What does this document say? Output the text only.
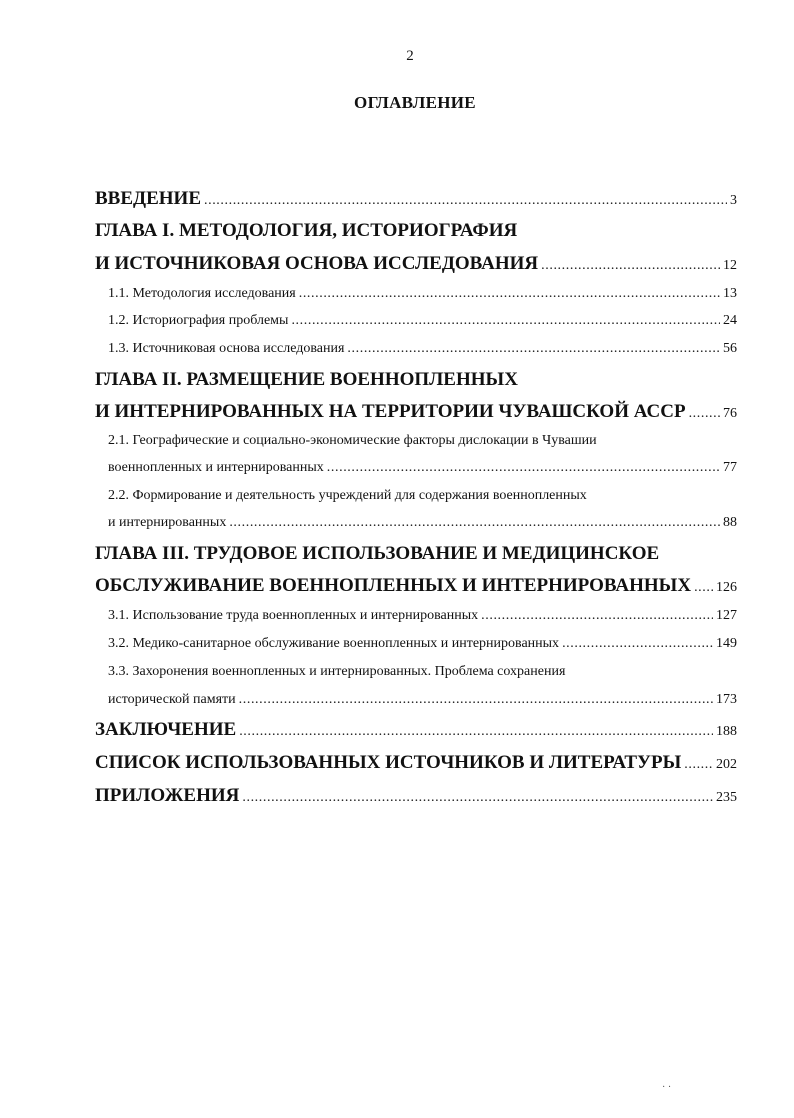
2
ОГЛАВЛЕНИЕ
ВВЕДЕНИЕ .....	3
ГЛАВА I. МЕТОДОЛОГИЯ, ИСТОРИОГРАФИЯ
И ИСТОЧНИКОВАЯ ОСНОВА ИССЛЕДОВАНИЯ .....	12
1.1. Методология исследования .....	13
1.2. Историография проблемы .....	24
1.3. Источниковая основа исследования .....	56
ГЛАВА II. РАЗМЕЩЕНИЕ ВОЕННОПЛЕННЫХ
И ИНТЕРНИРОВАННЫХ НА ТЕРРИТОРИИ ЧУВАШСКОЙ АССР .....	76
2.1. Географические и социально-экономические факторы дислокации в Чувашии
военнопленных и интернированных .....	77
2.2. Формирование и деятельность учреждений для содержания военнопленных
и интернированных .....	88
ГЛАВА III. ТРУДОВОЕ ИСПОЛЬЗОВАНИЕ И МЕДИЦИНСКОЕ
ОБСЛУЖИВАНИЕ ВОЕННОПЛЕННЫХ И ИНТЕРНИРОВАННЫХ ..... 126
3.1. Использование труда военнопленных и интернированных .....	127
3.2. Медико-санитарное обслуживание военнопленных и интернированных .....	149
3.3. Захоронения военнопленных и интернированных. Проблема сохранения
исторической памяти .....	173
ЗАКЛЮЧЕНИЕ .....	188
СПИСОК ИСПОЛЬЗОВАННЫХ ИСТОЧНИКОВ И ЛИТЕРАТУРЫ ..... 202
ПРИЛОЖЕНИЯ .....	235
· ·
